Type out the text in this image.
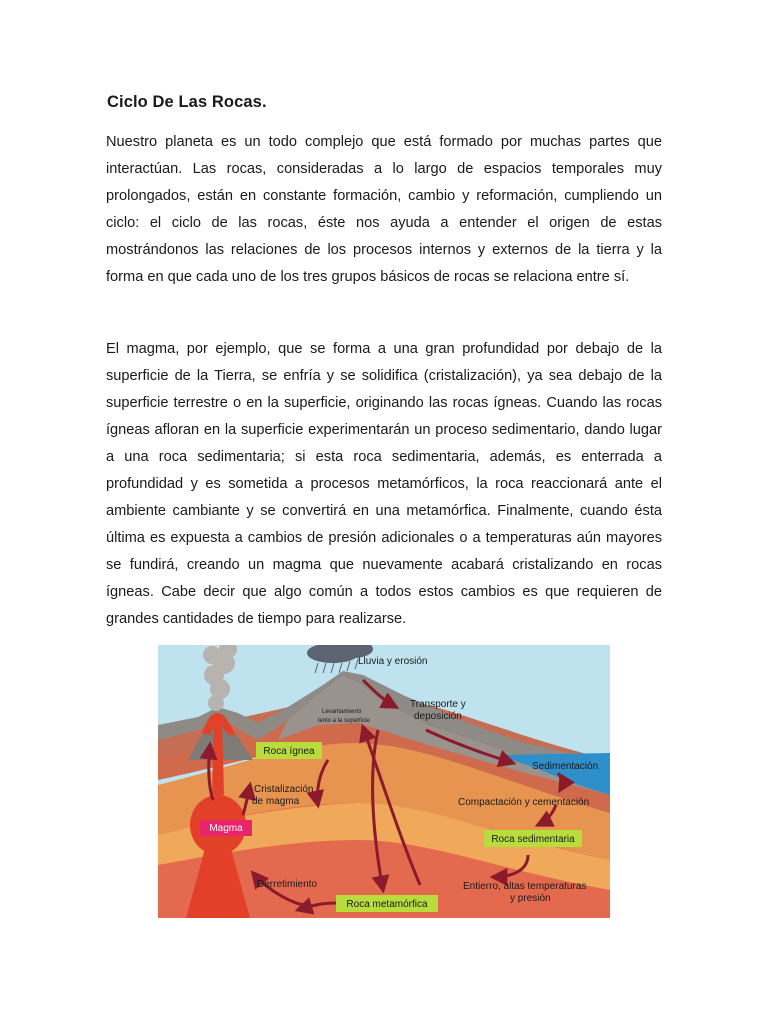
Ciclo De Las Rocas.

Nuestro planeta es un todo complejo que está formado por muchas partes que interactúan. Las rocas, consideradas a lo largo de espacios temporales muy prolongados, están en constante formación, cambio y reformación, cumpliendo un ciclo: el ciclo de las rocas, éste nos ayuda a entender el origen de estas mostrándonos las relaciones de los procesos internos y externos de la tierra y la forma en que cada uno de los tres grupos básicos de rocas se relaciona entre sí.

El magma, por ejemplo, que se forma a una gran profundidad por debajo de la superficie de la Tierra, se enfría y se solidifica (cristalización), ya sea debajo de la superficie terrestre o en la superficie, originando las rocas ígneas. Cuando las rocas ígneas afloran en la superficie experimentarán un proceso sedimentario, dando lugar a una roca sedimentaria; si esta roca sedimentaria, además, es enterrada a profundidad y es sometida a procesos metamórficos, la roca reaccionará ante el ambiente cambiante y se convertirá en una metamórfica. Finalmente, cuando ésta última es expuesta a cambios de presión adicionales o a temperaturas aún mayores se fundirá, creando un magma que nuevamente acabará cristalizando en rocas ígneas. Cabe decir que algo común a todos estos cambios es que requieren de grandes cantidades de tiempo para realizarse.

Lluvia y erosión
Transporte y
deposición
Levantamiento
lento a la superficie
Roca ígnea
Sedimentación
Cristalización
de magma	Compactación y cementación
Magma
Roca sedimentaria
Entierro, altas temperaturas
y presión
Derretimiento
Roca metamórfica
